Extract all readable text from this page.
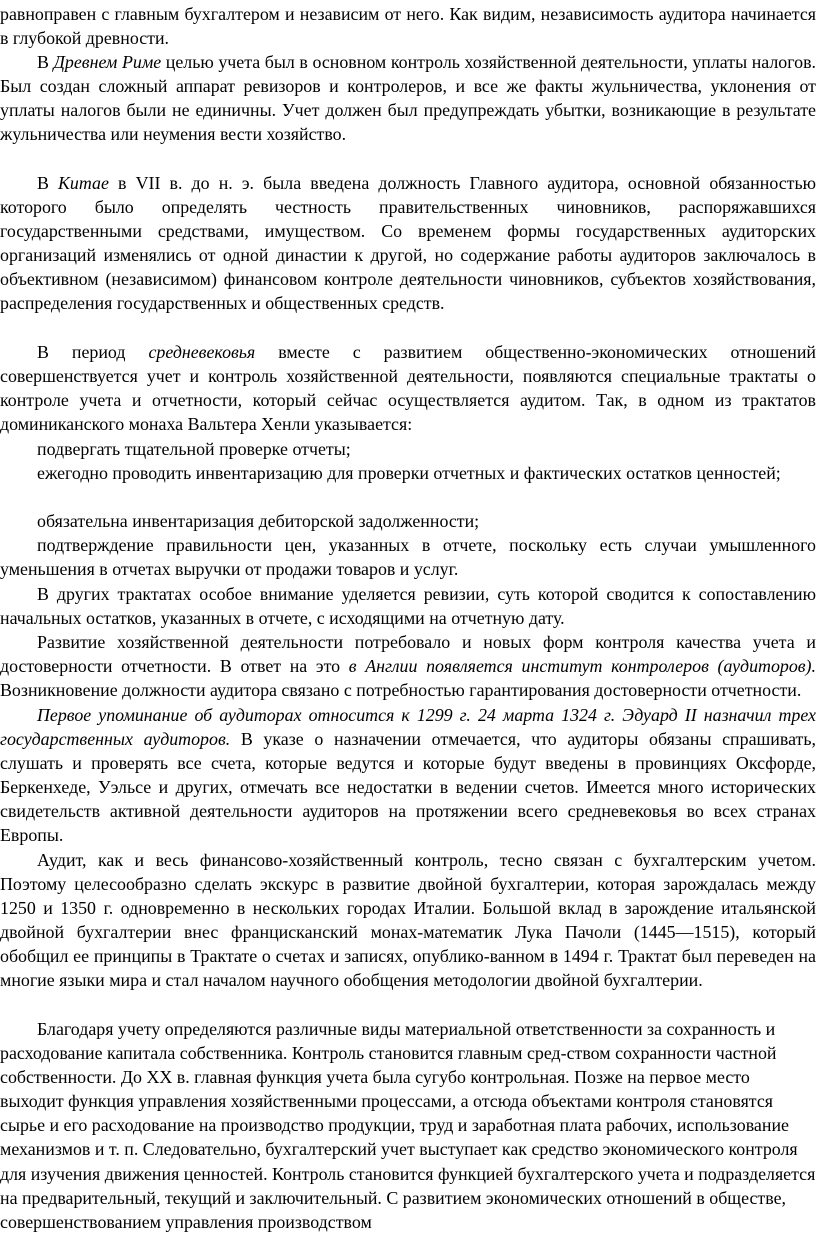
равноправен с главным бухгалтером и независим от него. Как видим, независимость аудитора начинается в глубокой древности.

В Древнем Риме целью учета был в основном контроль хозяйственной деятельности, уплаты налогов. Был создан сложный аппарат ревизоров и контролеров, и все же факты жульничества, уклонения от уплаты налогов были не единичны. Учет должен был предупреждать убытки, возникающие в результате жульничества или неумения вести хозяйство.

В Китае в VII в. до н. э. была введена должность Главного аудитора, основной обязанностью которого было определять честность правительственных чиновников, распоряжавшихся государственными средствами, имуществом. Со временем формы государственных аудиторских организаций изменялись от одной династии к другой, но содержание работы аудиторов заключалось в объективном (независимом) финансовом контроле деятельности чиновников, субъектов хозяйствования, распределения государственных и общественных средств.

В период средневековья вместе с развитием общественно-экономических отношений совершенствуется учет и контроль хозяйственной деятельности, появляются специальные трактаты о контроле учета и отчетности, который сейчас осуществляется аудитом. Так, в одном из трактатов доминиканского монаха Вальтера Хенли указывается:

подвергать тщательной проверке отчеты;

ежегодно проводить инвентаризацию для проверки отчетных и фактических остатков ценностей;

обязательна инвентаризация дебиторской задолженности;

подтверждение правильности цен, указанных в отчете, поскольку есть случаи умышленного уменьшения в отчетах выручки от продажи товаров и услуг.

В других трактатах особое внимание уделяется ревизии, суть которой сводится к сопоставлению начальных остатков, указанных в отчете, с исходящими на отчетную дату.

Развитие хозяйственной деятельности потребовало и новых форм контроля качества учета и достоверности отчетности. В ответ на это в Англии появляется институт контролеров (аудиторов). Возникновение должности аудитора связано с потребностью гарантирования достоверности отчетности.

Первое упоминание об аудиторах относится к 1299 г. 24 марта 1324 г. Эдуард II назначил трех государственных аудиторов. В указе о назначении отмечается, что аудиторы обязаны спрашивать, слушать и проверять все счета, которые ведутся и которые будут введены в провинциях Оксфорде, Беркенхеде, Уэльсе и других, отмечать все недостатки в ведении счетов. Имеется много исторических свидетельств активной деятельности аудиторов на протяжении всего средневековья во всех странах Европы.

Аудит, как и весь финансово-хозяйственный контроль, тесно связан с бухгалтерским учетом. Поэтому целесообразно сделать экскурс в развитие двойной бухгалтерии, которая зарождалась между 1250 и 1350 г. одновременно в нескольких городах Италии. Большой вклад в зарождение итальянской двойной бухгалтерии внес францисканский монах-математик Лука Пачоли (1445—1515), который обобщил ее принципы в Трактате о счетах и записях, опублико-ванном в 1494 г. Трактат был переведен на многие языки мира и стал началом научного обобщения методологии двойной бухгалтерии.

Благодаря учету определяются различные виды материальной ответственности за сохранность и расходование капитала собственника. Контроль становится главным сред-ством сохранности частной собственности. До XX в. главная функция учета была сугубо контрольная. Позже на первое место выходит функция управления хозяйственными процессами, а отсюда объектами контроля становятся сырье и его расходование на производство продукции, труд и заработная плата рабочих, использование механизмов и т. п. Следовательно, бухгалтерский учет выступает как средство экономического контроля для изучения движения ценностей. Контроль становится функцией бухгалтерского учета и подразделяется на предварительный, текущий и заключительный. С развитием экономических отношений в обществе, совершенствованием управления производством
